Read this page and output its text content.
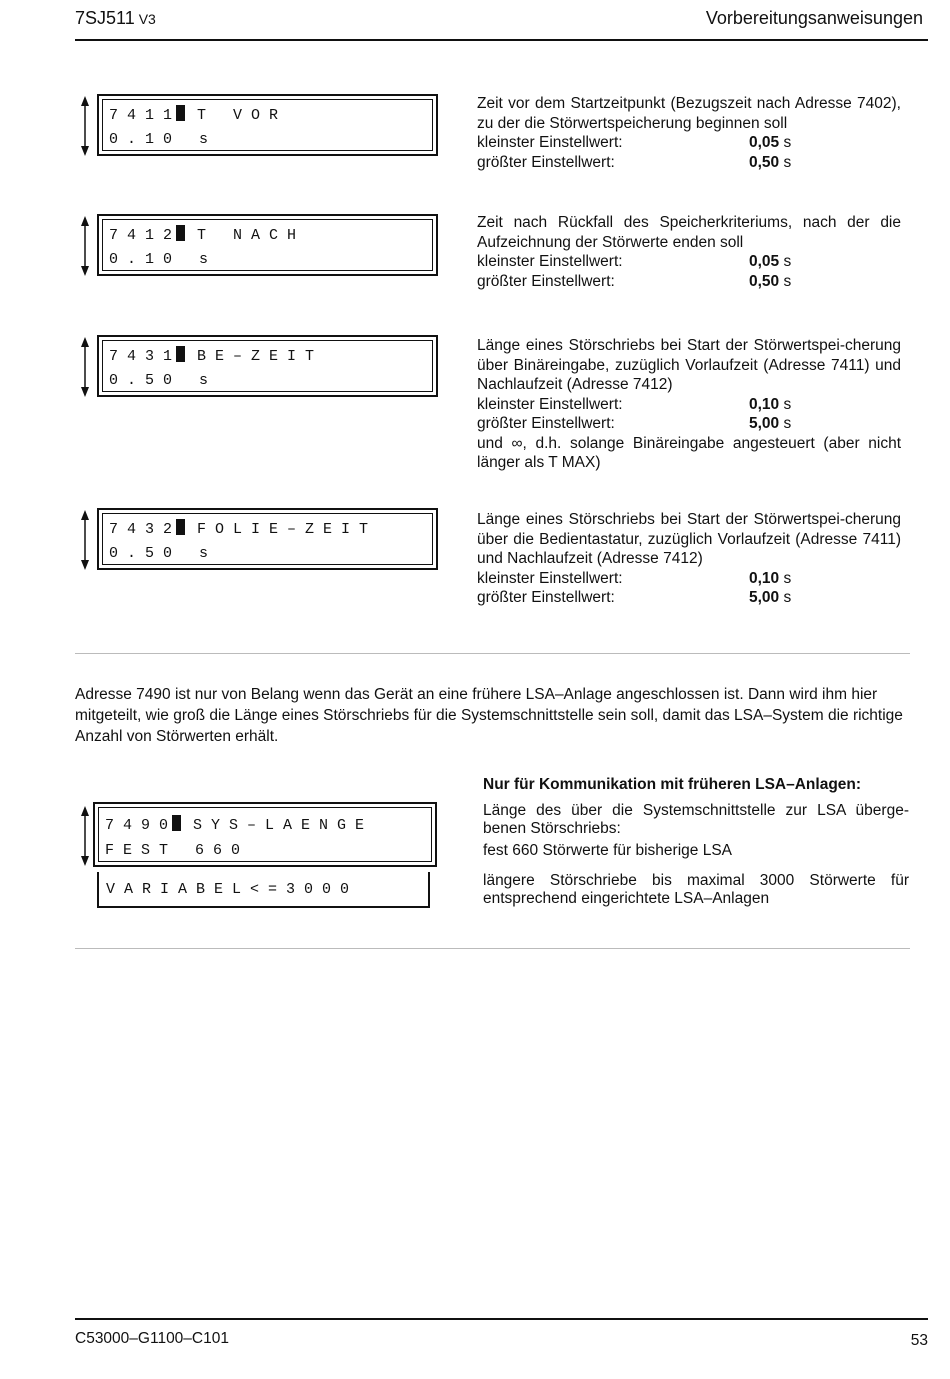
7SJ511 V3	Vorbereitungsanweisungen
7 4 1 1 T   V O R
0 . 1 0   s

Zeit vor dem Startzeitpunkt (Bezugszeit nach Adresse 7402), zu der die Störwertspeicherung beginnen soll

kleinster Einstellwert:	0,05 s
größter Einstellwert:	0,50 s
7 4 1 2 T   N A C H
0 . 1 0   s

Zeit nach Rückfall des Speicherkriteriums, nach der die Aufzeichnung der Störwerte enden soll

kleinster Einstellwert:	0,05 s
größter Einstellwert:	0,50 s
7 4 3 1 B E – Z E I T
0 . 5 0   s

Länge eines Störschriebs bei Start der Störwertspei-cherung über Binäreingabe, zuzüglich Vorlaufzeit (Adresse 7411) und Nachlaufzeit (Adresse 7412)

kleinster Einstellwert:	0,10 s
größter Einstellwert:	5,00 s

und ∞, d.h. solange Binäreingabe angesteuert (aber nicht länger als T MAX)

7 4 3 2 F O L I E – Z E I T
0 . 5 0   s

Länge eines Störschriebs bei Start der Störwertspei-cherung über die Bedientastatur, zuzüglich Vorlaufzeit (Adresse 7411) und Nachlaufzeit (Adresse 7412)

kleinster Einstellwert:	0,10 s
größter Einstellwert:	5,00 s
Adresse 7490 ist nur von Belang wenn das Gerät an eine frühere LSA–Anlage angeschlossen ist. Dann wird ihm hier mitgeteilt, wie groß die Länge eines Störschriebs für die Systemschnittstelle sein soll, damit das LSA–System die richtige Anzahl von Störwerten erhält.
7 4 9 0 S Y S – L A E N G E
F E S T   6 6 0
V A R I A B E L < = 3 0 0 0

Nur für Kommunikation mit früheren LSA–Anlagen:

Länge des über die Systemschnittstelle zur LSA überge-benen Störschriebs:

fest 660 Störwerte für bisherige LSA

längere Störschriebe bis maximal 3000 Störwerte für entsprechend eingerichtete LSA–Anlagen

C53000–G1100–C101	53
